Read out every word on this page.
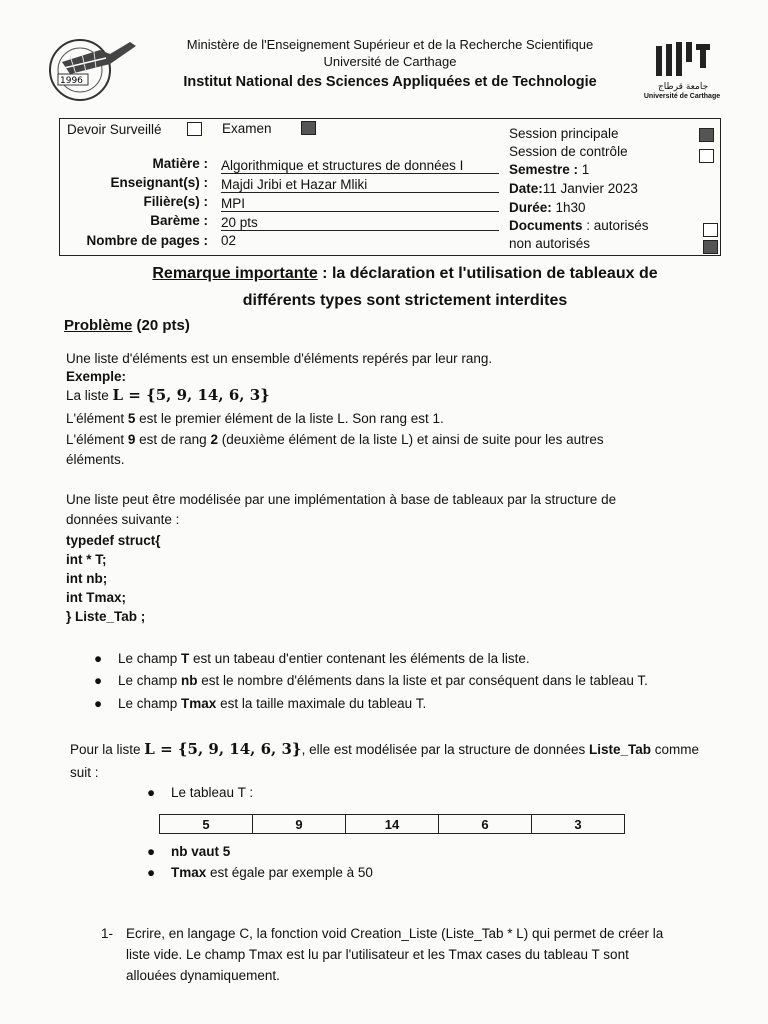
1996
Ministère de l'Enseignement Supérieur et de la Recherche Scientifique
Université de Carthage
Institut National des Sciences Appliquées et de Technologie	جامعة قرطاج
Université de Carthage
Devoir Surveillé	Examen
Matière : Algorithmique et structures de données I
Enseignant(s) : Majdi Jribi et Hazar Mliki
Filière(s) : MPI
Barème : 20 pts
Nombre de pages : 02
Session principale
Session de contrôle
Semestre : 1
Date:11 Janvier 2023
Durée: 1h30
Documents : autorisés
non autorisés
Remarque importante : la déclaration et l'utilisation de tableaux de
différents types sont strictement interdites
Problème (20 pts)
Une liste d'éléments est un ensemble d'éléments repérés par leur rang.
Exemple:
La liste L = {5, 9, 14, 6, 3}
L'élément 5 est le premier élément de la liste L. Son rang est 1.
L'élément 9 est de rang 2 (deuxième élément de la liste L) et ainsi de suite pour les autres
éléments.
Une liste peut être modélisée par une implémentation à base de tableaux par la structure de
données suivante :
typedef struct{
int * T;
int nb;
int Tmax;
} Liste_Tab ;
● Le champ T est un tabeau d'entier contenant les éléments de la liste.
● Le champ nb est le nombre d'éléments dans la liste et par conséquent dans le tableau T.
● Le champ Tmax est la taille maximale du tableau T.
Pour la liste L = {5, 9, 14, 6, 3}, elle est modélisée par la structure de données Liste_Tab comme
suit :
● Le tableau T :
5	9	14	6	3
● nb vaut 5
● Tmax est égale par exemple à 50
1- Ecrire, en langage C, la fonction void Creation_Liste (Liste_Tab * L) qui permet de créer la
liste vide. Le champ Tmax est lu par l'utilisateur et les Tmax cases du tableau T sont
allouées dynamiquement.
